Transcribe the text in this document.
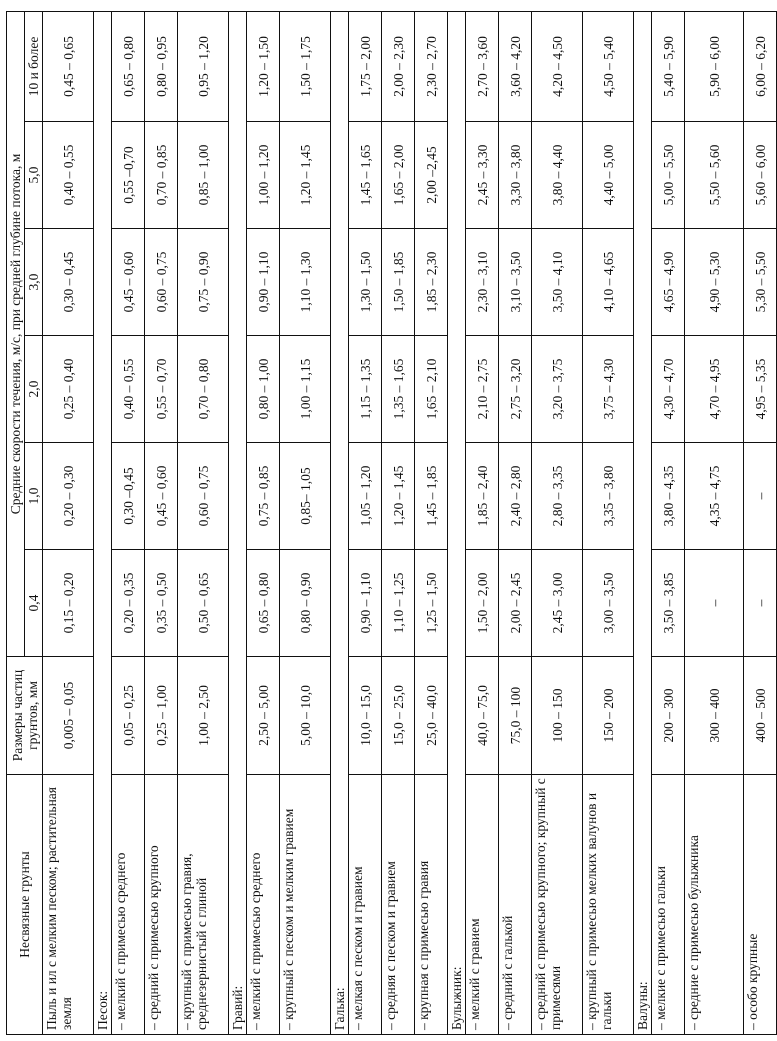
Несвязные грунты	Размеры частиц грунтов, мм	Средние скорости течения, м/с, при средней глубине потока, м					
		0,4	1,0	2,0	3,0	5,0	10 и более
Пыль и ил с мелким песком; растительная земля	0,005 – 0,05	0,15 – 0,20	0,20 – 0,30	0,25 – 0,40	0,30 – 0,45	0,40 – 0,55	0,45 – 0,65
Песок:							
– мелкий с примесью среднего	0,05 – 0,25	0,20 – 0,35	0,30 –0,45	0,40 – 0,55	0,45 – 0,60	0,55 –0,70	0,65 – 0,80
– средний с примесью крупного	0,25 – 1,00	0,35 – 0,50	0,45 – 0,60	0,55 – 0,70	0,60 – 0,75	0,70 – 0,85	0,80 – 0,95
– крупный с примесью гравия, среднезернистый с глиной	1,00 – 2,50	0,50 – 0,65	0,60 – 0,75	0,70 – 0,80	0,75 – 0,90	0,85 – 1,00	0,95 – 1,20
Гравий:							
– мелкий с примесью среднего	2,50 – 5,00	0,65 – 0,80	0,75 – 0,85	0,80 – 1,00	0,90 – 1,10	1,00 – 1,20	1,20 – 1,50
– крупный с песком и мелким гравием	5,00 – 10,0	0,80 – 0,90	0,85– 1,05	1,00 – 1,15	1,10 – 1,30	1,20 – 1,45	1,50 – 1,75
Галька:							
– мелкая с песком и гравием	10,0 – 15,0	0,90 – 1,10	1,05 – 1,20	1,15 – 1,35	1,30 – 1,50	1,45 – 1,65	1,75 – 2,00
– средняя с песком и гравием	15,0 – 25,0	1,10 – 1,25	1,20 – 1,45	1,35 – 1,65	1,50 – 1,85	1,65 – 2,00	2,00 – 2,30
– крупная с примесью гравия	25,0 – 40,0	1,25 – 1,50	1,45 – 1,85	1,65 – 2,10	1,85 – 2,30	2,00 –2,45	2,30 – 2,70
Булыжник:							
– мелкий с гравием	40,0 – 75,0	1,50 – 2,00	1,85 – 2,40	2,10 – 2,75	2,30 – 3,10	2,45 – 3,30	2,70 – 3,60
– средний с галькой	75,0 – 100	2,00 – 2,45	2,40 – 2,80	2,75 – 3,20	3,10 – 3,50	3,30 – 3,80	3,60 – 4,20
– средний с примесью крупного; крупный с примесями	100 – 150	2,45 – 3,00	2,80 – 3,35	3,20 – 3,75	3,50 – 4,10	3,80 – 4,40	4,20 – 4,50
– крупный с примесью мелких валунов и гальки	150 – 200	3,00 – 3,50	3,35 – 3,80	3,75 – 4,30	4,10 – 4,65	4,40 – 5,00	4,50 – 5,40
Валуны:							
– мелкие с примесью гальки	200 – 300	3,50 – 3,85	3,80 – 4,35	4,30 – 4,70	4,65 – 4,90	5,00 – 5,50	5,40 – 5,90
– средние с примесью булыжника	300 – 400	–	4,35 – 4,75	4,70 – 4,95	4,90 – 5,30	5,50 – 5,60	5,90 – 6,00
– особо крупные	400 – 500	–	–	4,95 – 5,35	5,30 – 5,50	5,60 – 6,00	6,00 – 6,20
